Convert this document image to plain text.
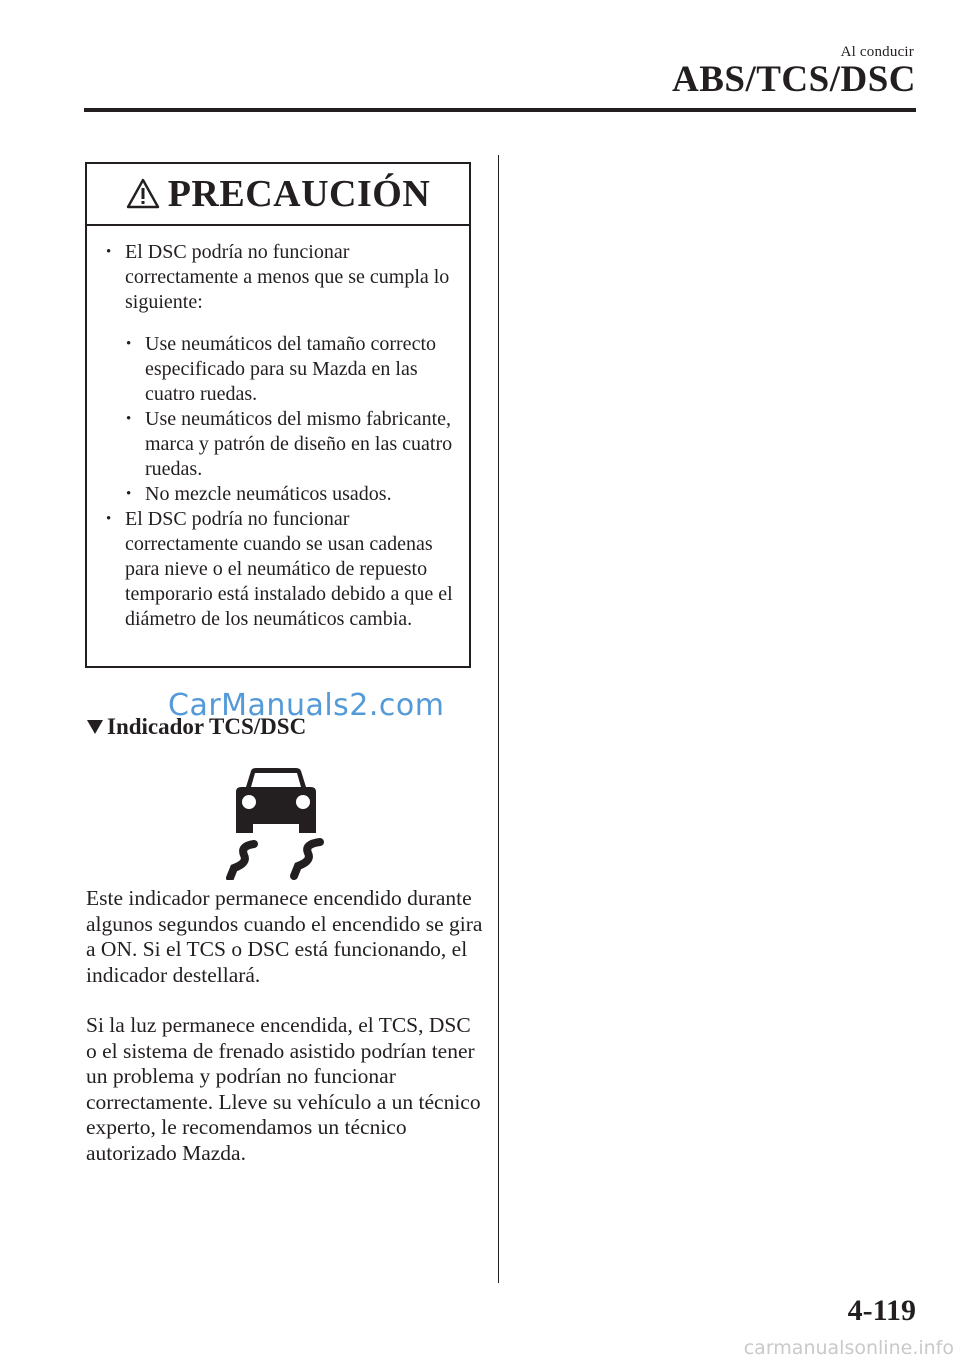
Al conducir
ABS/TCS/DSC
PRECAUCIÓN
• El DSC podría no funcionar correctamente a menos que se cumpla lo siguiente:
• Use neumáticos del tamaño correcto especificado para su Mazda en las cuatro ruedas.
• Use neumáticos del mismo fabricante, marca y patrón de diseño en las cuatro ruedas.
• No mezcle neumáticos usados.
• El DSC podría no funcionar correctamente cuando se usan cadenas para nieve o el neumático de repuesto temporario está instalado debido a que el diámetro de los neumáticos cambia.
Indicador TCS/DSC
CarManuals2.com
Este indicador permanece encendido durante algunos segundos cuando el encendido se gira a ON. Si el TCS o DSC está funcionando, el indicador destellará.
Si la luz permanece encendida, el TCS, DSC o el sistema de frenado asistido podrían tener un problema y podrían no funcionar correctamente. Lleve su vehículo a un técnico experto, le recomendamos un técnico autorizado Mazda.
4-119
carmanualsonline.info
